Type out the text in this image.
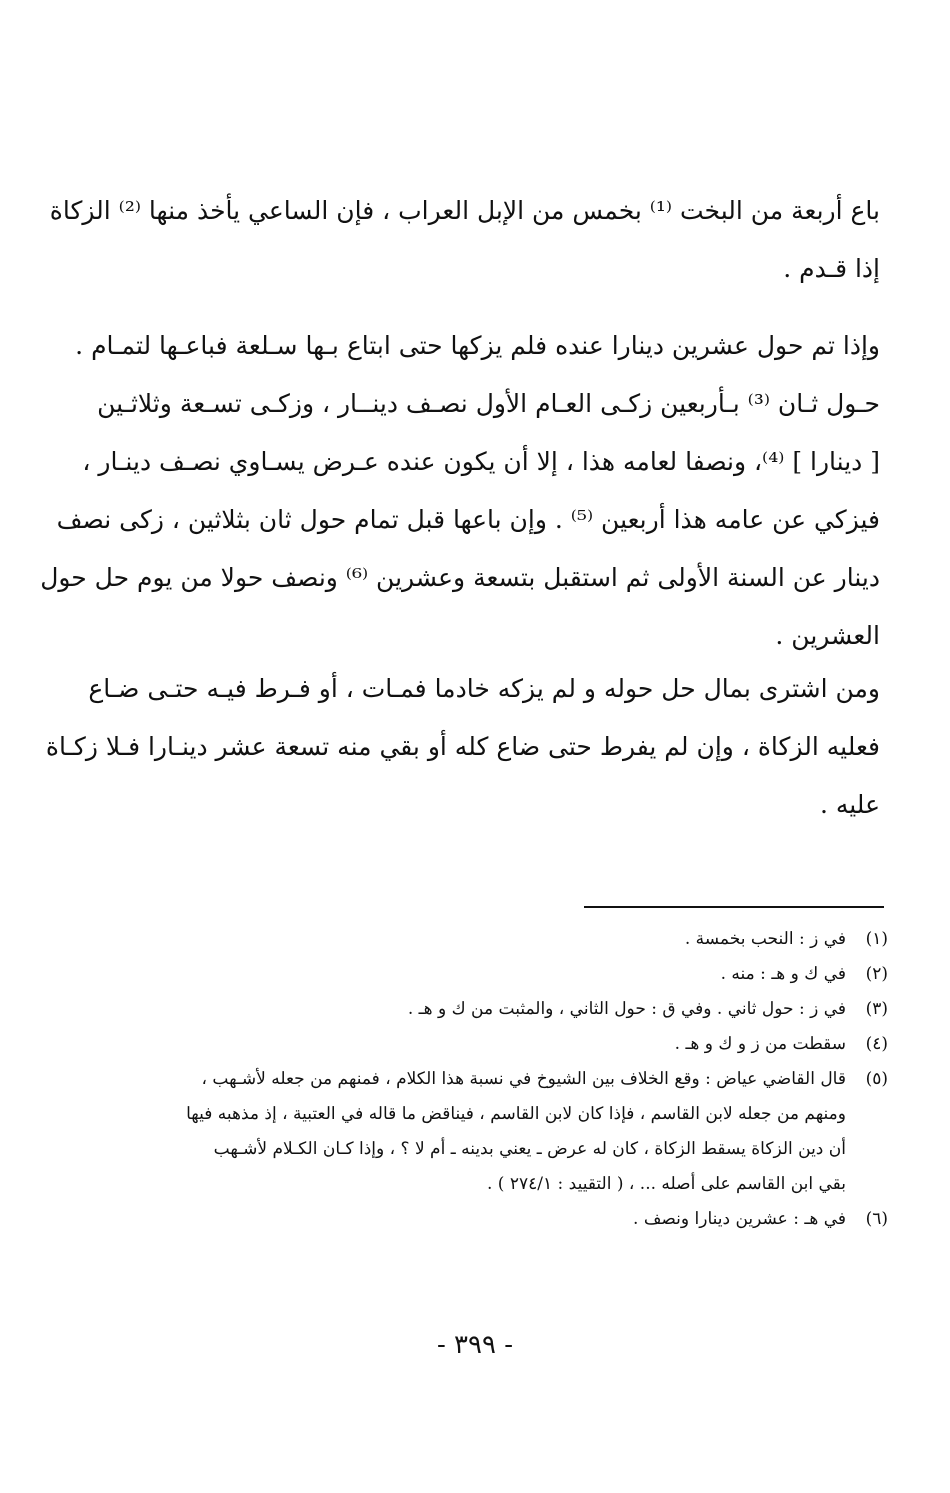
باع أربعة من البخت ⁽¹⁾ بخمس من الإبل العراب ، فإن الساعي يأخذ منها ⁽²⁾ الزكاة
إذا قـدم .
وإذا تم حول عشرين دينارا عنده فلم يزكها حتى ابتاع بـها سـلعة فباعـها لتمـام .
حـول ثـان ⁽³⁾ بـأربعين زكـى العـام الأول نصـف دينــار ، وزكـى تسـعة وثلاثـين
[ دينارا ] ⁽⁴⁾، ونصفا لعامه هذا ، إلا أن يكون عنده عـرض يسـاوي نصـف دينـار ،
فيزكي عن عامه هذا أربعين ⁽⁵⁾ . وإن باعها قبل تمام حول ثان بثلاثين ، زكى نصف
دينار عن السنة الأولى ثم استقبل بتسعة وعشرين ⁽⁶⁾ ونصف حولا من يوم حل حول
العشرين .
ومن اشترى بمال حل حوله و لم يزكه خادما فمـات ، أو فـرط فيـه حتـى ضـاع
فعليه الزكاة ، وإن لم يفرط حتى ضاع كله أو بقي منه تسعة عشر دينـارا فـلا زكـاة
عليه .
(١)
في ز : النحب بخمسة .
(٢)
في ك و هـ : منه .
(٣)
في ز : حول ثاني . وفي ق : حول الثاني ، والمثبت من ك و هـ .
(٤)
سقطت من ز و ك و هـ .
(٥)
قال القاضي عياض : وقع الخلاف بين الشيوخ في نسبة هذا الكلام ، فمنهم من جعله لأشـهب ،
ومنهم من جعله لابن القاسم ، فإذا كان لابن القاسم ، فيناقض ما قاله في العتبية ، إذ مذهبه فيها
أن دين الزكاة يسقط الزكاة ، كان له عرض ـ يعني بدينه ـ أم لا ؟ ، وإذا كـان الكـلام لأشـهب
بقي ابن القاسم على أصله ... ، ( التقييد : ٢٧٤/١ ) .
(٦)
في هـ : عشرين دينارا ونصف .
- ٣٩٩ -
